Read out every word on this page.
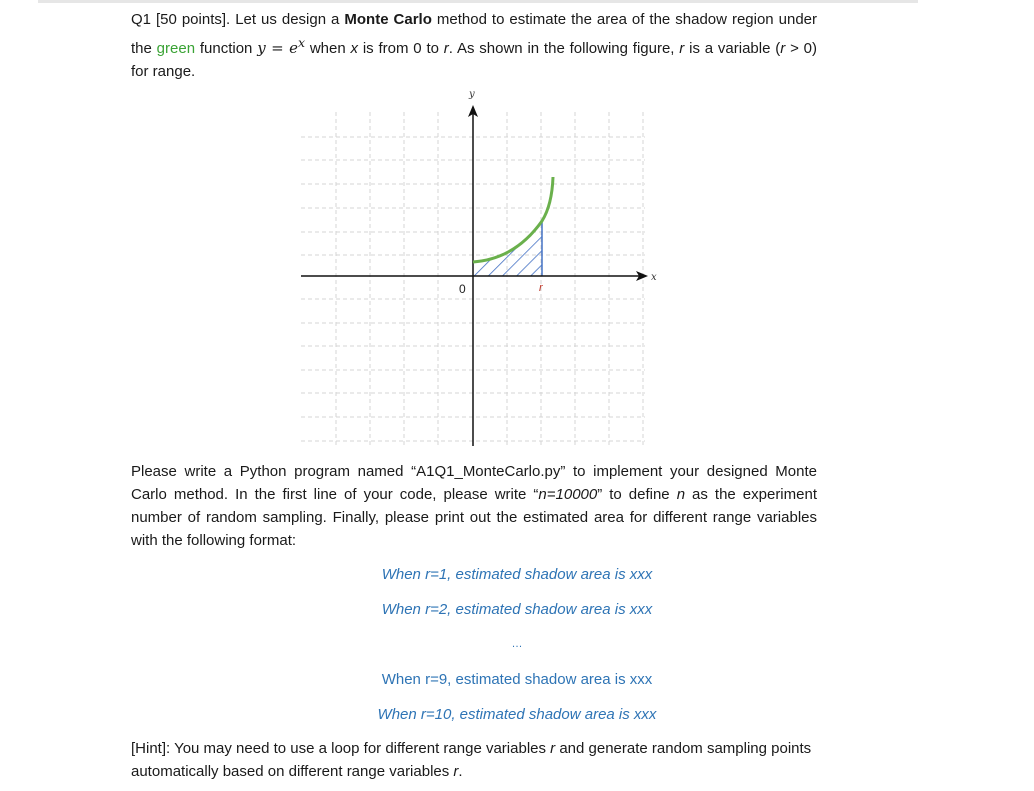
Q1 [50 points]. Let us design a Monte Carlo method to estimate the area of the shadow region under the green function $y = e^x$ when x is from 0 to r. As shown in the following figure, r is a variable (r > 0) for range.
y
x
0	r
Please write a Python program named “A1Q1_MonteCarlo.py” to implement your designed Monte Carlo method. In the first line of your code, please write “n=10000” to define n as the experiment number of random sampling. Finally, please print out the estimated area for different range variables with the following format:
When r=1, estimated shadow area is xxx
When r=2, estimated shadow area is xxx
…
When r=9, estimated shadow area is xxx
When r=10, estimated shadow area is xxx
[Hint]: You may need to use a loop for different range variables r and generate random sampling points automatically based on different range variables r.
